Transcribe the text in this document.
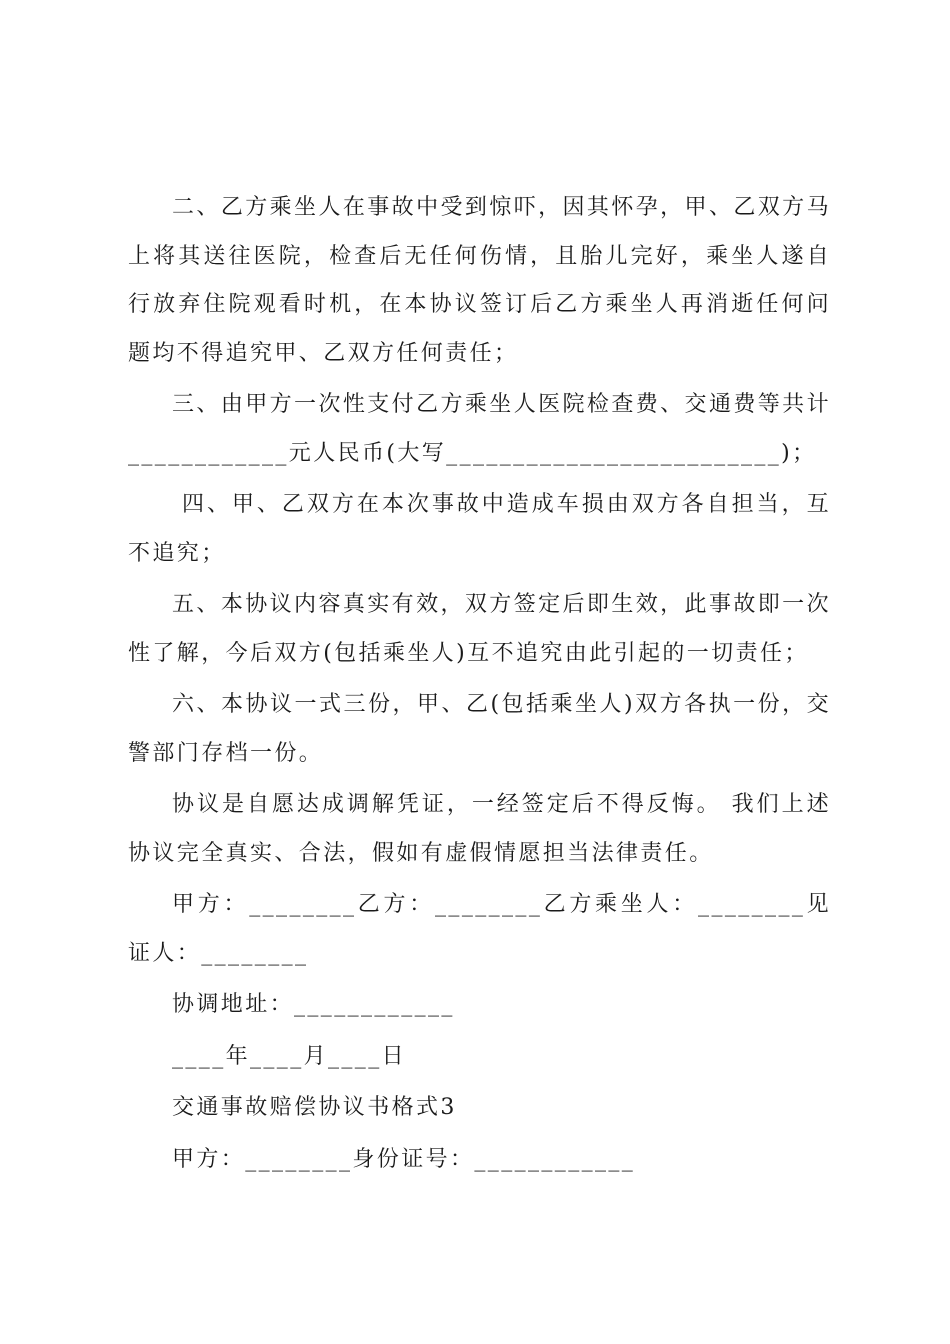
二、乙方乘坐人在事故中受到惊吓，因其怀孕，甲、乙双方马上将其送往医院，检查后无任何伤情，且胎儿完好，乘坐人遂自行放弃住院观看时机，在本协议签订后乙方乘坐人再消逝任何问题均不得追究甲、乙双方任何责任；

三、由甲方一次性支付乙方乘坐人医院检查费、交通费等共计____________元人民币(大写_________________________)；

四、甲、乙双方在本次事故中造成车损由双方各自担当，互不追究；

五、本协议内容真实有效，双方签定后即生效，此事故即一次性了解，今后双方(包括乘坐人)互不追究由此引起的一切责任；

六、本协议一式三份，甲、乙(包括乘坐人)双方各执一份，交警部门存档一份。

协议是自愿达成调解凭证，一经签定后不得反悔。 我们上述协议完全真实、合法，假如有虚假情愿担当法律责任。

甲方：________乙方：________乙方乘坐人：________见证人：________

协调地址：____________
____年____月____日
交通事故赔偿协议书格式3
甲方：________身份证号：____________
